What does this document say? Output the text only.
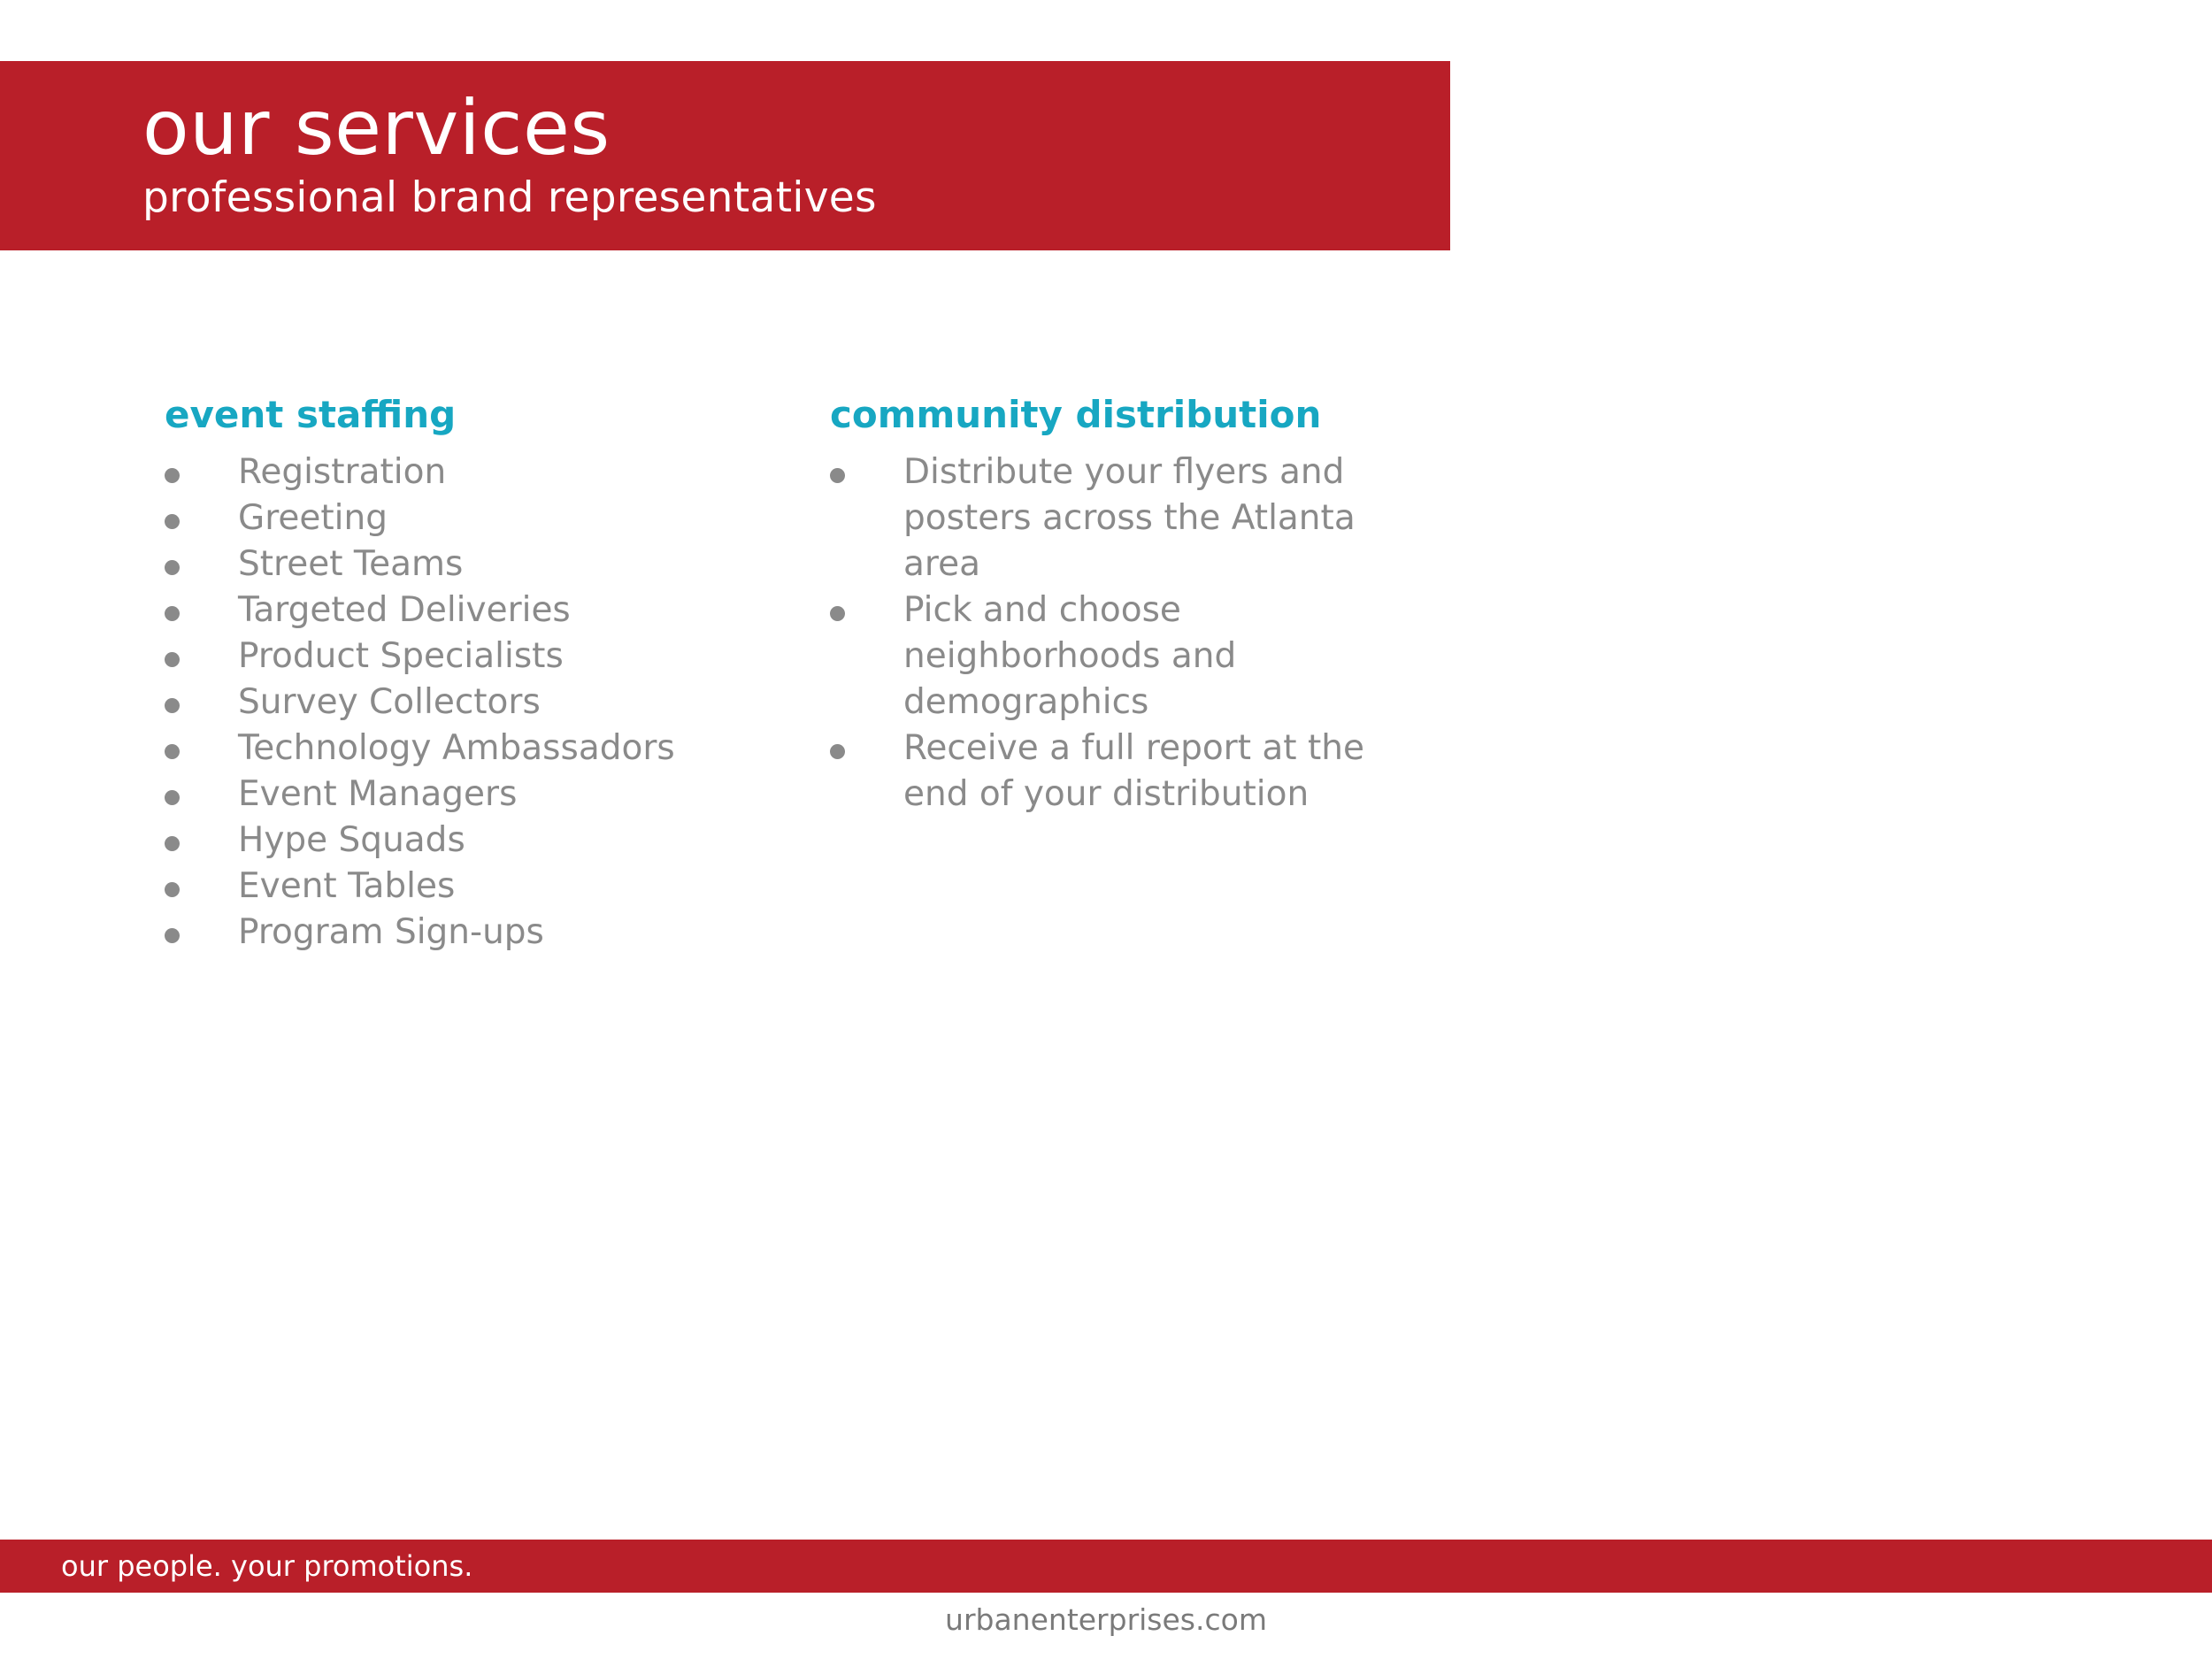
our services
professional brand representatives
event staffing
Registration
Greeting
Street Teams
Targeted Deliveries
Product Specialists
Survey Collectors
Technology Ambassadors
Event Managers
Hype Squads
Event Tables
Program Sign-ups
community distribution
Distribute your flyers and posters across the Atlanta area
Pick and choose neighborhoods and demographics
Receive a full report at the end of your distribution

our people. your promotions.

urbanenterprises.com
